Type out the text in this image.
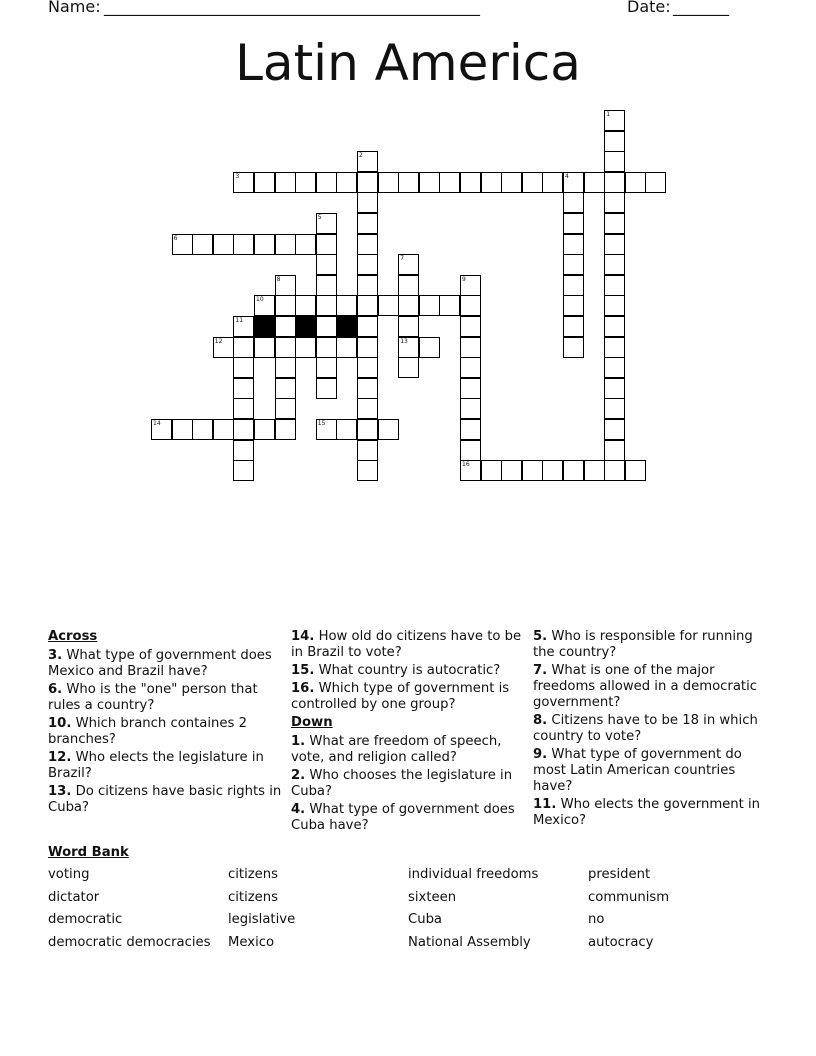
Name: _______________________________________________	Date: _______
Latin America
1
2
3	4
5
6
7
13
8	9
16
10
11
12
14	15
Across
3. What type of government does Mexico and Brazil have?
6. Who is the "one" person that rules a country?
10. Which branch containes 2 branches?
12. Who elects the legislature in Brazil?
13. Do citizens have basic rights in Cuba?
14. How old do citizens have to be in Brazil to vote?
15. What country is autocratic?
16. Which type of government is controlled by one group?
Down
1. What are freedom of speech, vote, and religion called?
2. Who chooses the legislature in Cuba?
4. What type of government does Cuba have?
5. Who is responsible for running the country?
7. What is one of the major freedoms allowed in a democratic government?
8. Citizens have to be 18 in which country to vote?
9. What type of government do most Latin American countries have?
11. Who elects the government in Mexico?
Word Bank
voting	citizens	individual freedoms	president
dictator	citizens	sixteen	communism
democratic	legislative	Cuba	no
democratic democracies	Mexico	National Assembly	autocracy
